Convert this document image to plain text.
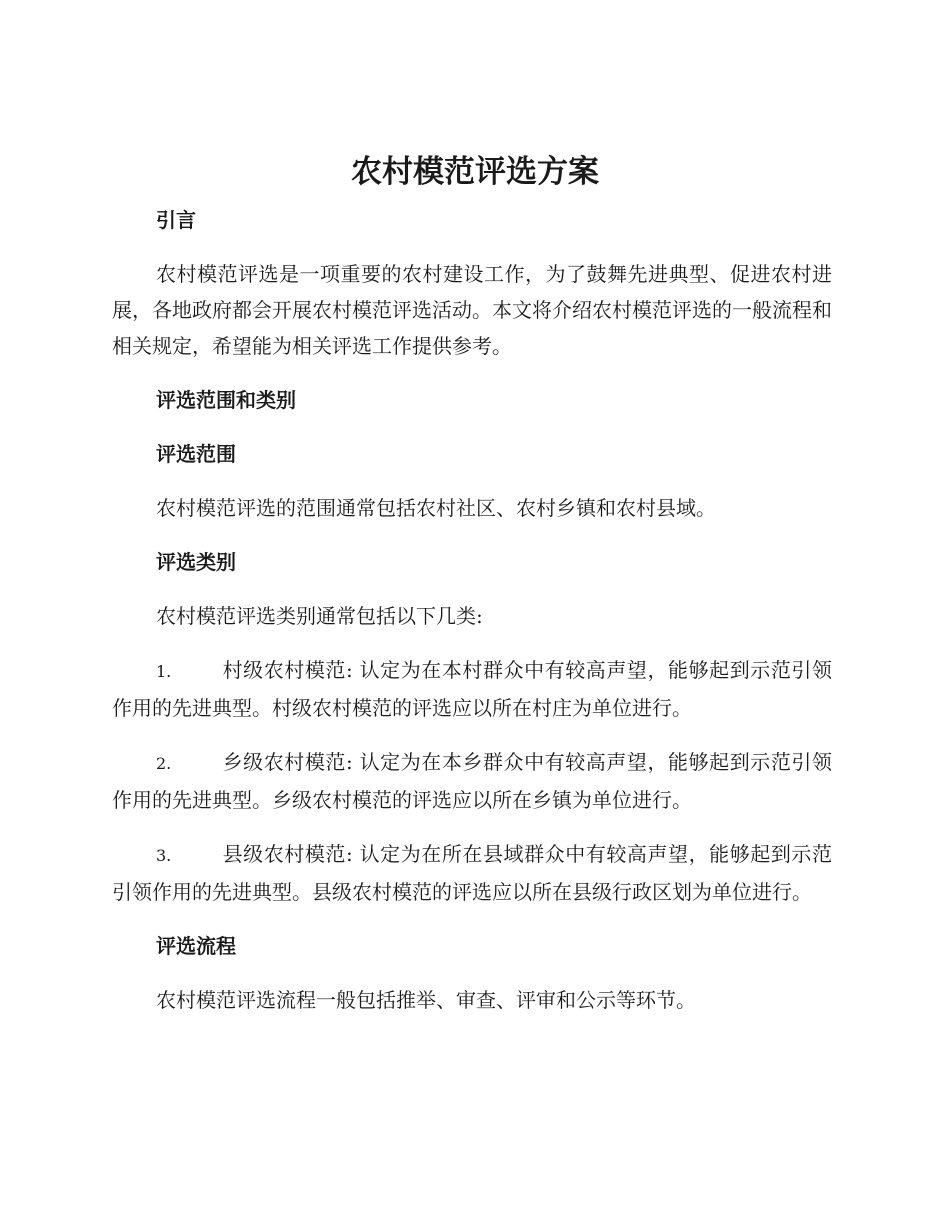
农村模范评选方案

引言

农村模范评选是一项重要的农村建设工作，为了鼓舞先进典型、促进农村进展，各地政府都会开展农村模范评选活动。本文将介绍农村模范评选的一般流程和相关规定，希望能为相关评选工作提供参考。

评选范围和类别

评选范围

农村模范评选的范围通常包括农村社区、农村乡镇和农村县域。

评选类别

农村模范评选类别通常包括以下几类:

1.	村级农村模范: 认定为在本村群众中有较高声望，能够起到示范引领作用的先进典型。村级农村模范的评选应以所在村庄为单位进行。

2.	乡级农村模范: 认定为在本乡群众中有较高声望，能够起到示范引领作用的先进典型。乡级农村模范的评选应以所在乡镇为单位进行。

3.	县级农村模范: 认定为在所在县域群众中有较高声望，能够起到示范引领作用的先进典型。县级农村模范的评选应以所在县级行政区划为单位进行。

评选流程

农村模范评选流程一般包括推举、审查、评审和公示等环节。
